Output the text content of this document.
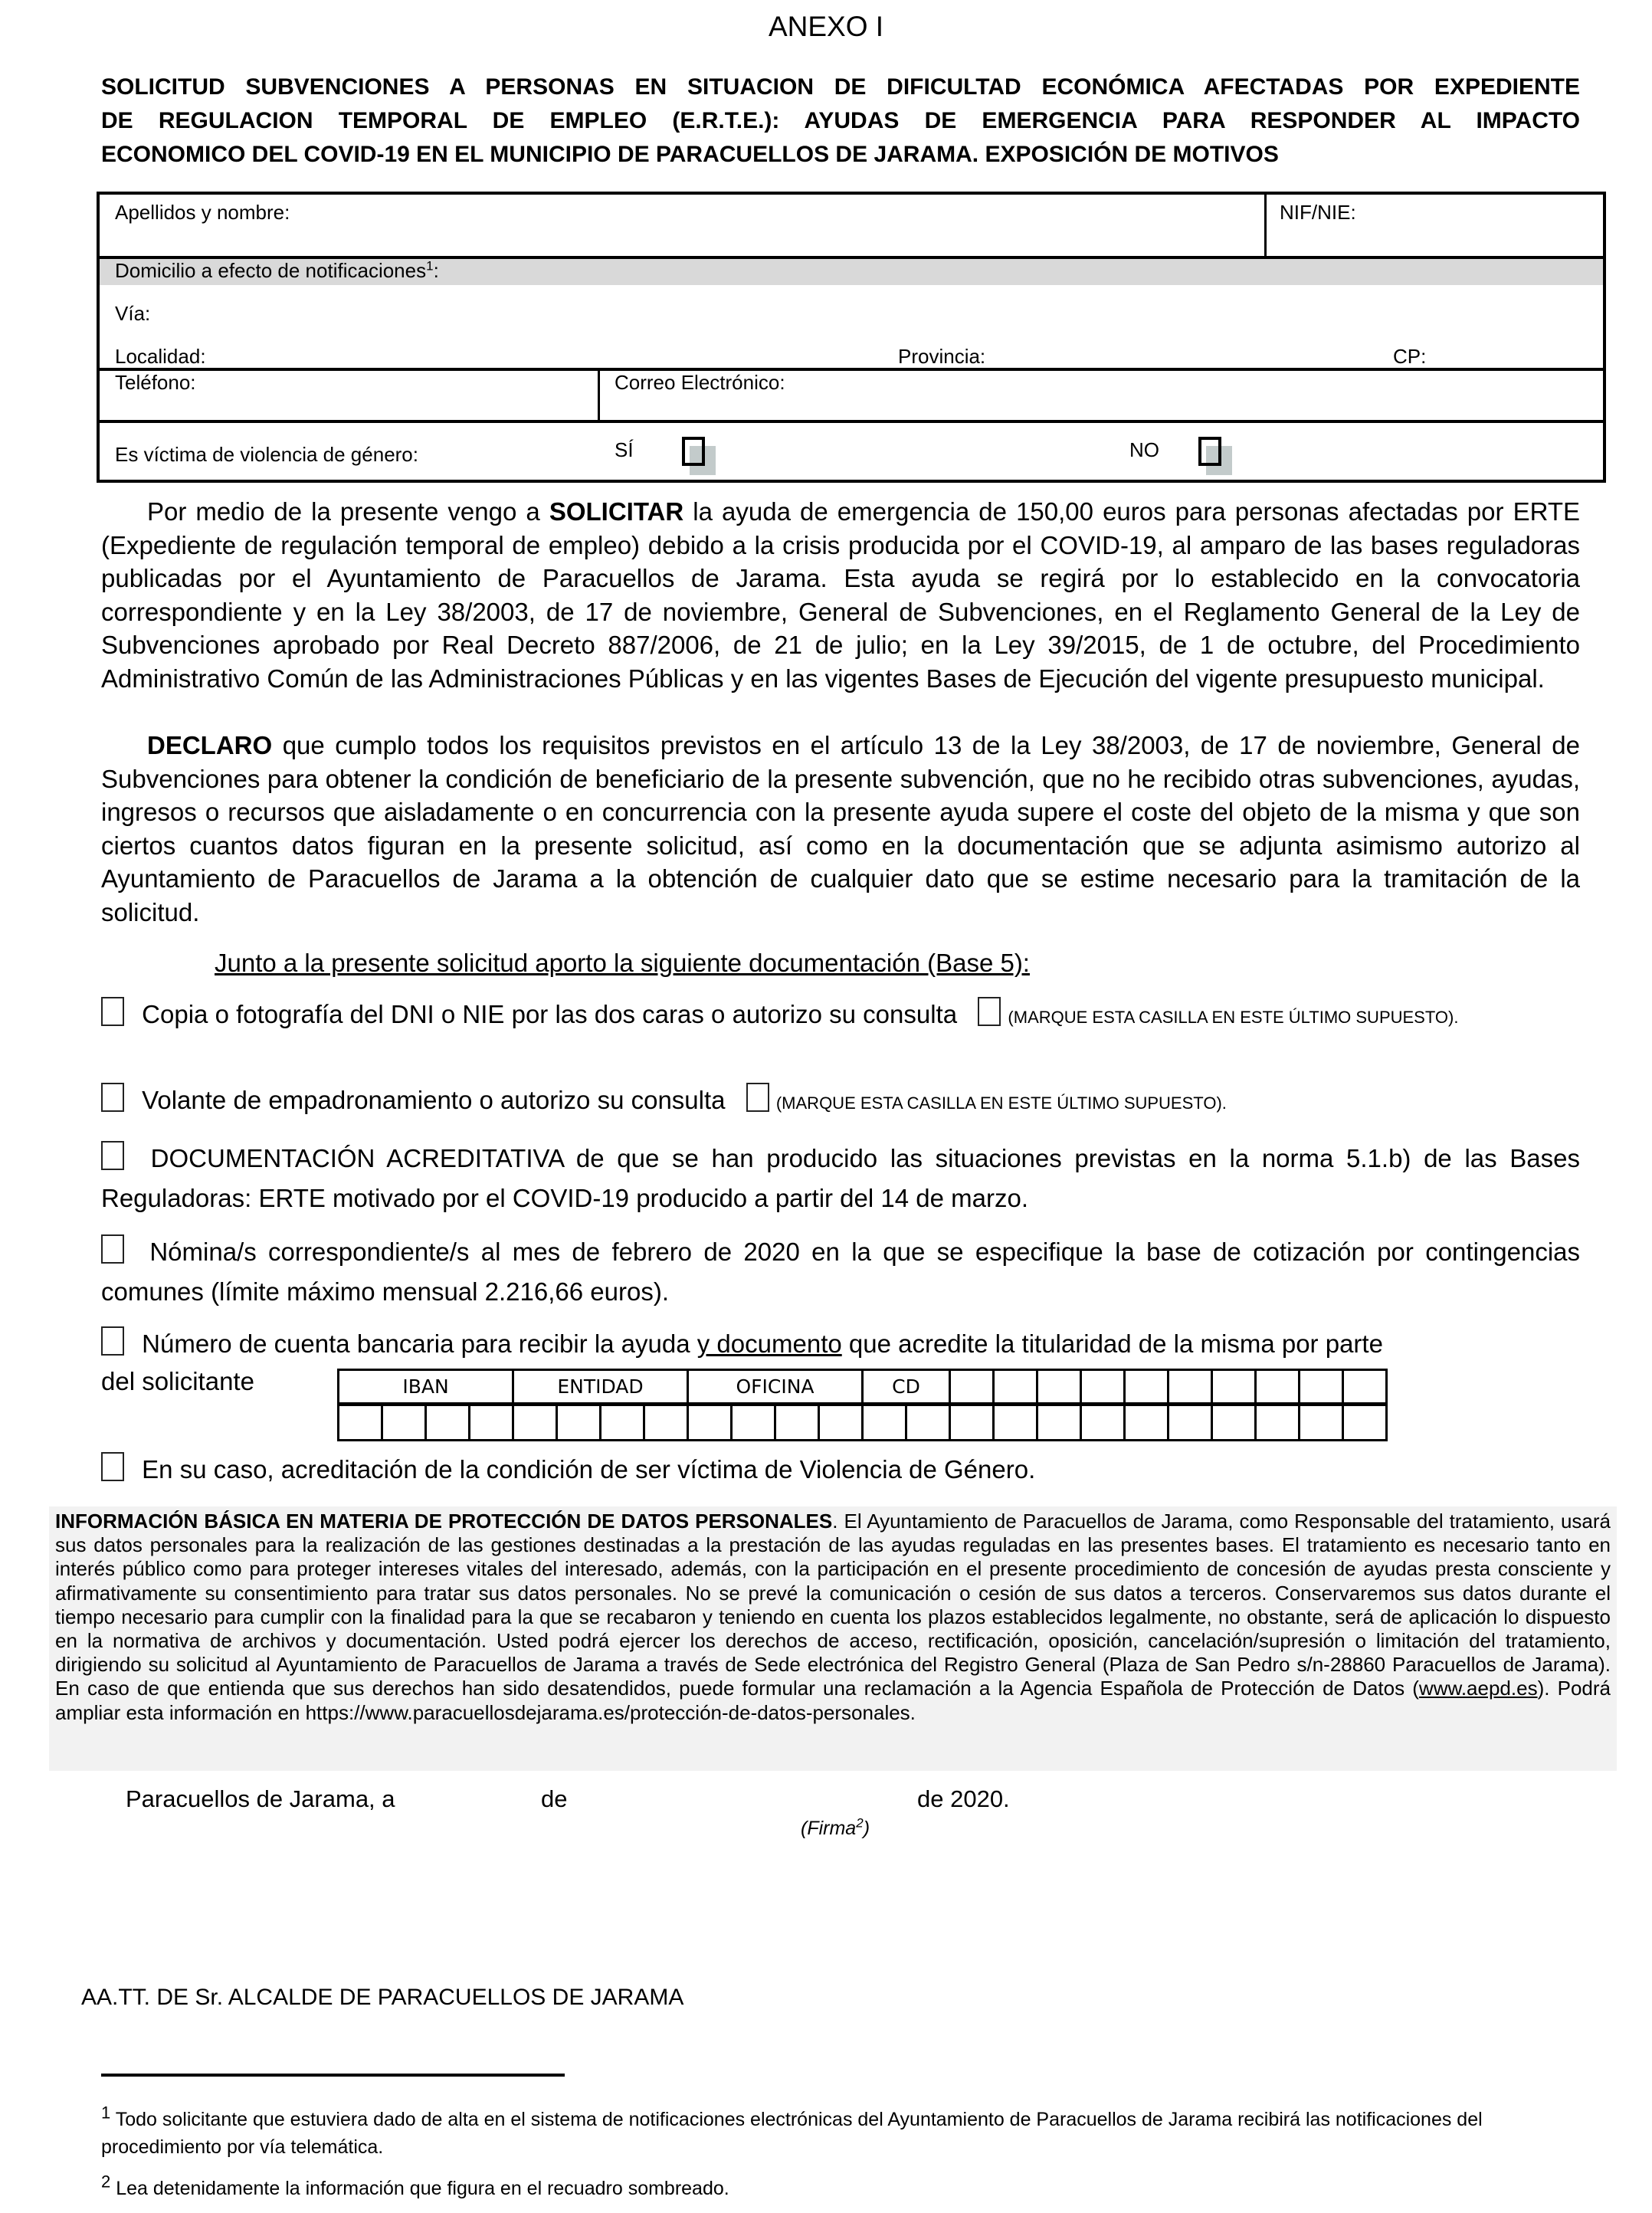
ANEXO I
SOLICITUD SUBVENCIONES A PERSONAS EN SITUACION DE DIFICULTAD ECONÓMICA AFECTADAS POR EXPEDIENTE
DE REGULACION TEMPORAL DE EMPLEO (E.R.T.E.): AYUDAS DE EMERGENCIA PARA RESPONDER AL IMPACTO
ECONOMICO DEL COVID-19 EN EL MUNICIPIO DE PARACUELLOS DE JARAMA. EXPOSICIÓN DE MOTIVOS
Apellidos y nombre:	NIF/NIE:
Domicilio a efecto de notificaciones$^1$:
Vía:
Localidad:	Provincia:	CP:
Teléfono:	Correo Electrónico:
Es víctima de violencia de género:	SÍ	NO
Por medio de la presente vengo a SOLICITAR la ayuda de emergencia de 150,00 euros para personas afectadas por ERTE (Expediente de regulación temporal de empleo) debido a la crisis producida por el COVID-19, al amparo de las bases reguladoras publicadas por el Ayuntamiento de Paracuellos de Jarama. Esta ayuda se regirá por lo establecido en la convocatoria correspondiente y en la Ley 38/2003, de 17 de noviembre, General de Subvenciones, en el Reglamento General de la Ley de Subvenciones aprobado por Real Decreto 887/2006, de 21 de julio; en la Ley 39/2015, de 1 de octubre, del Procedimiento Administrativo Común de las Administraciones Públicas y en las vigentes Bases de Ejecución del vigente presupuesto municipal.
DECLARO que cumplo todos los requisitos previstos en el artículo 13 de la Ley 38/2003, de 17 de noviembre, General de Subvenciones para obtener la condición de beneficiario de la presente subvención, que no he recibido otras subvenciones, ayudas, ingresos o recursos que aisladamente o en concurrencia con la presente ayuda supere el coste del objeto de la misma y que son ciertos cuantos datos figuran en la presente solicitud, así como en la documentación que se adjunta asimismo autorizo al Ayuntamiento de Paracuellos de Jarama a la obtención de cualquier dato que se estime necesario para la tramitación de la solicitud.
Junto a la presente solicitud aporto la siguiente documentación (Base 5):
Copia o fotografía del DNI o NIE por las dos caras o autorizo su consulta	(MARQUE ESTA CASILLA EN ESTE ÚLTIMO SUPUESTO).
Volante de empadronamiento o autorizo su consulta	(MARQUE ESTA CASILLA EN ESTE ÚLTIMO SUPUESTO).
DOCUMENTACIÓN ACREDITATIVA de que se han producido las situaciones previstas en la norma 5.1.b) de las Bases Reguladoras: ERTE motivado por el COVID-19 producido a partir del 14 de marzo.
Nómina/s correspondiente/s al mes de febrero de 2020 en la que se especifique la base de cotización por contingencias comunes (límite máximo mensual 2.216,66 euros).
Número de cuenta bancaria para recibir la ayuda y documento que acredite la titularidad de la misma por parte
del solicitante	IBAN				ENTIDAD				OFICINA				CD											

En su caso, acreditación de la condición de ser víctima de Violencia de Género.
INFORMACIÓN BÁSICA EN MATERIA DE PROTECCIÓN DE DATOS PERSONALES. El Ayuntamiento de Paracuellos de Jarama, como Responsable del tratamiento, usará sus datos personales para la realización de las gestiones destinadas a la prestación de las ayudas reguladas en las presentes bases. El tratamiento es necesario tanto en interés público como para proteger intereses vitales del interesado, además, con la participación en el presente procedimiento de concesión de ayudas presta consciente y afirmativamente su consentimiento para tratar sus datos personales. No se prevé la comunicación o cesión de sus datos a terceros. Conservaremos sus datos durante el tiempo necesario para cumplir con la finalidad para la que se recabaron y teniendo en cuenta los plazos establecidos legalmente, no obstante, será de aplicación lo dispuesto en la normativa de archivos y documentación. Usted podrá ejercer los derechos de acceso, rectificación, oposición, cancelación/supresión o limitación del tratamiento, dirigiendo su solicitud al Ayuntamiento de Paracuellos de Jarama a través de Sede electrónica del Registro General (Plaza de San Pedro s/n-28860 Paracuellos de Jarama). En caso de que entienda que sus derechos han sido desatendidos, puede formular una reclamación a la Agencia Española de Protección de Datos (www.aepd.es). Podrá ampliar esta información en https://www.paracuellosdejarama.es/protección-de-datos-personales.
Paracuellos de Jarama, a	de	de 2020.
(Firma$^2$)
AA.TT. DE Sr. ALCALDE DE PARACUELLOS DE JARAMA
$^1$ Todo solicitante que estuviera dado de alta en el sistema de notificaciones electrónicas del Ayuntamiento de Paracuellos de Jarama recibirá las notificaciones del procedimiento por vía telemática.
$^2$ Lea detenidamente la información que figura en el recuadro sombreado.
